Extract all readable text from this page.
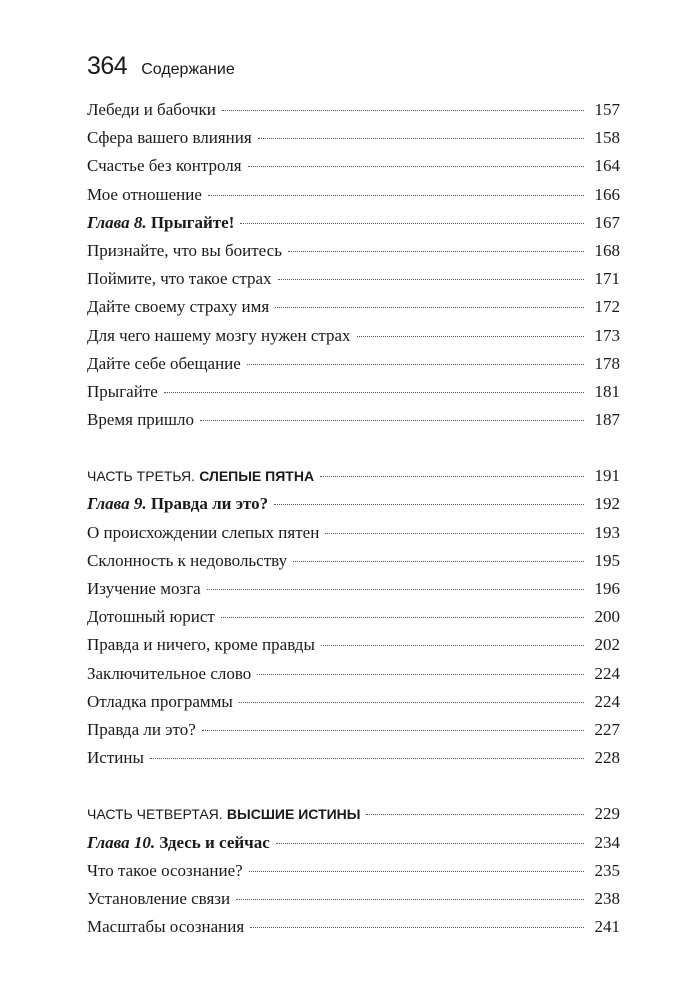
364 Содержание
Лебеди и бабочки	157
Сфера вашего влияния	158
Счастье без контроля	164
Мое отношение	166
Глава 8. Прыгайте!	167
Признайте, что вы боитесь	168
Поймите, что такое страх	171
Дайте своему страху имя	172
Для чего нашему мозгу нужен страх	173
Дайте себе обещание	178
Прыгайте	181
Время пришло	187
ЧАСТЬ ТРЕТЬЯ. СЛЕПЫЕ ПЯТНА	191
Глава 9. Правда ли это?	192
О происхождении слепых пятен	193
Склонность к недовольству	195
Изучение мозга	196
Дотошный юрист	200
Правда и ничего, кроме правды	202
Заключительное слово	224
Отладка программы	224
Правда ли это?	227
Истины	228
ЧАСТЬ ЧЕТВЕРТАЯ. ВЫСШИЕ ИСТИНЫ	229
Глава 10. Здесь и сейчас	234
Что такое осознание?	235
Установление связи	238
Масштабы осознания	241
